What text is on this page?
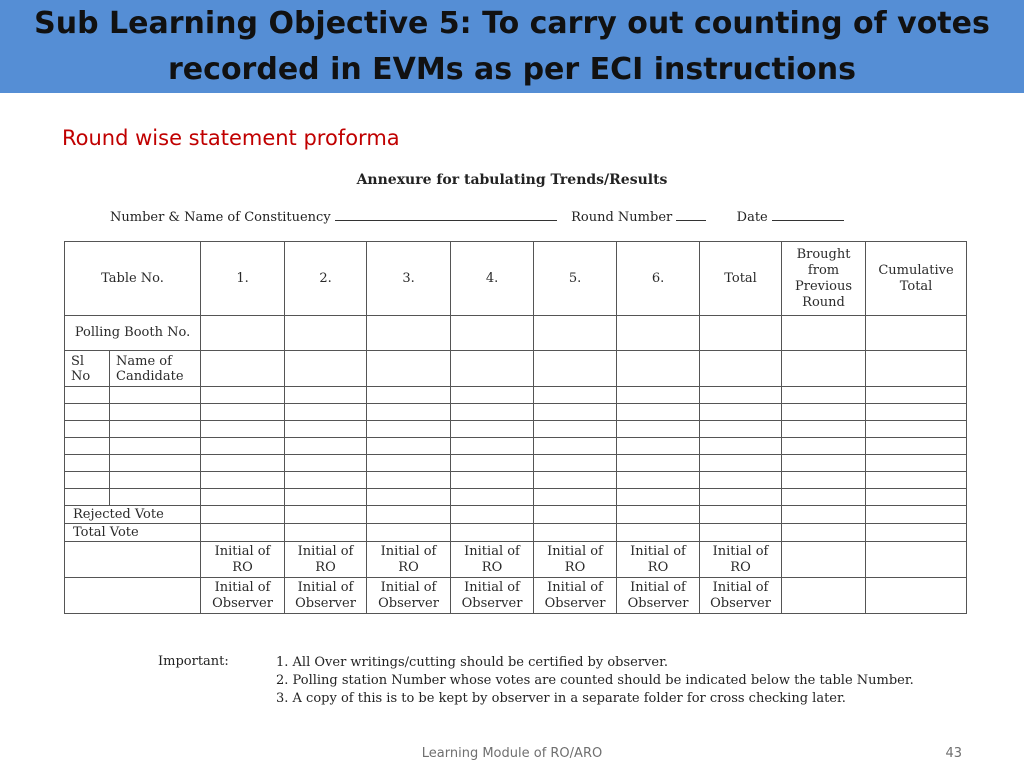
Sub Learning Objective 5: To carry out counting of votes recorded in EVMs as per ECI instructions
Round wise statement proforma
Annexure for tabulating Trends/Results
Number & Name of Constituency	Round Number	Date
Table No.		1.	2.	3.	4.	5.	6.	Total	Brought from Previous Round	Cumulative Total
Polling Booth No.										
Sl No	Name of Candidate									

Rejected Vote										
Total Vote										
		Initial of RO	Initial of RO	Initial of RO	Initial of RO	Initial of RO	Initial of RO	Initial of RO		
		Initial of Observer	Initial of Observer	Initial of Observer	Initial of Observer	Initial of Observer	Initial of Observer	Initial of Observer		
Important:	1. All Over writings/cutting should be certified by observer.
2. Polling station Number whose votes are counted should be indicated below the table Number.
3. A copy of this is to be kept by observer in a separate folder for cross checking later.
Learning Module of RO/ARO	43
